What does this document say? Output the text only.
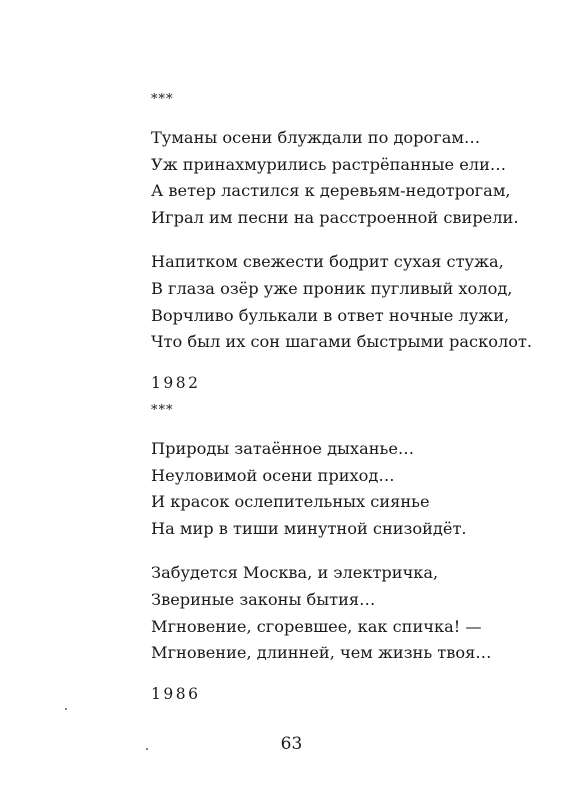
***
Туманы осени блуждали по дорогам…
Уж принахмурились растрёпанные ели…
А ветер ластился к деревьям-недотрогам,
Играл им песни на расстроенной свирели.
Напитком свежести бодрит сухая стужа,
В глаза озёр уже проник пугливый холод,
Ворчливо булькали в ответ ночные лужи,
Что был их сон шагами быстрыми расколот.
1982
***
Природы затаённое дыханье…
Неуловимой осени приход…
И красок ослепительных сиянье
На мир в тиши минутной снизойдёт.
Забудется Москва, и электричка,
Звериные законы бытия…
Мгновение, сгоревшее, как спичка! —
Мгновение, длинней, чем жизнь твоя…
1986
63
